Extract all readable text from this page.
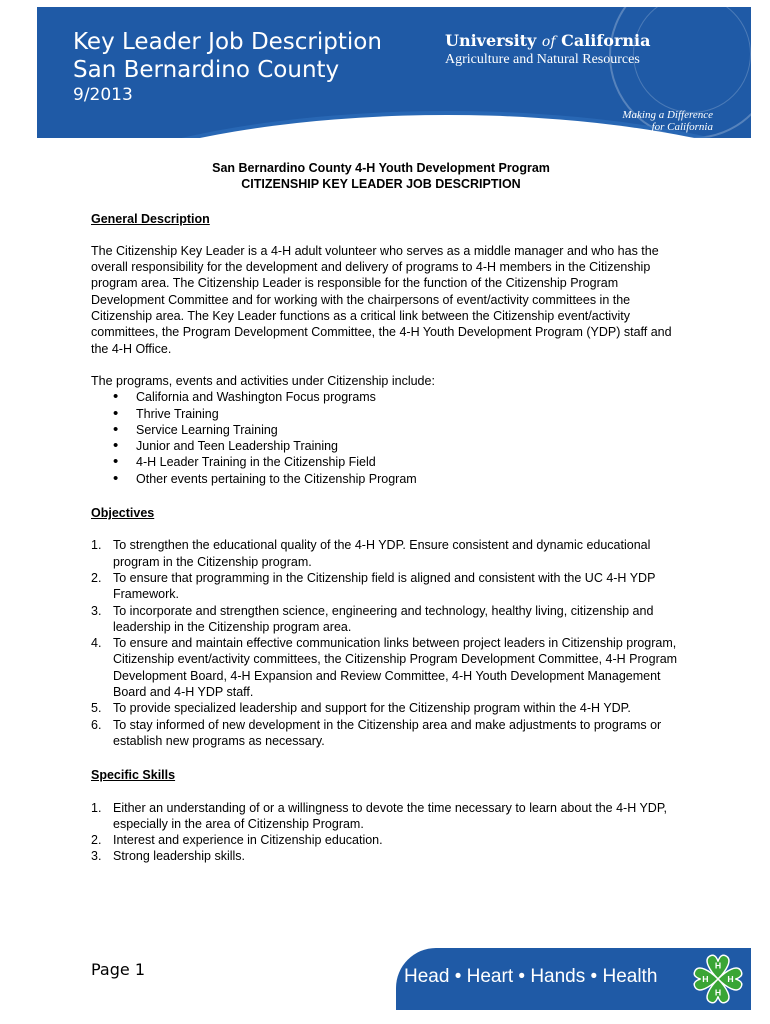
Key Leader Job Description
San Bernardino County
9/2013
University of California
Agriculture and Natural Resources
Making a Difference
for California
San Bernardino County 4-H Youth Development Program
CITIZENSHIP KEY LEADER JOB DESCRIPTION
General Description

The Citizenship Key Leader is a 4-H adult volunteer who serves as a middle manager and who has the overall responsibility for the development and delivery of programs to 4-H members in the Citizenship program area. The Citizenship Leader is responsible for the function of the Citizenship Program Development Committee and for working with the chairpersons of event/activity committees in the Citizenship area. The Key Leader functions as a critical link between the Citizenship event/activity committees, the Program Development Committee, the 4-H Youth Development Program (YDP) staff and the 4-H Office.

The programs, events and activities under Citizenship include:

• California and Washington Focus programs
• Thrive Training
• Service Learning Training
• Junior and Teen Leadership Training
• 4-H Leader Training in the Citizenship Field
• Other events pertaining to the Citizenship Program
Objectives
1. To strengthen the educational quality of the 4-H YDP. Ensure consistent and dynamic educational program in the Citizenship program.
2. To ensure that programming in the Citizenship field is aligned and consistent with the UC 4-H YDP Framework.
3. To incorporate and strengthen science, engineering and technology, healthy living, citizenship and leadership in the Citizenship program area.
4. To ensure and maintain effective communication links between project leaders in Citizenship program, Citizenship event/activity committees, the Citizenship Program Development Committee, 4-H Program Development Board, 4-H Expansion and Review Committee, 4-H Youth Development Management Board and 4-H YDP staff.
5. To provide specialized leadership and support for the Citizenship program within the 4-H YDP.
6. To stay informed of new development in the Citizenship area and make adjustments to programs or establish new programs as necessary.
Specific Skills
1. Either an understanding of or a willingness to devote the time necessary to learn about the 4-H YDP, especially in the area of Citizenship Program.
2. Interest and experience in Citizenship education.
3. Strong leadership skills.
Page 1	Head • Heart • Hands • Health
H
H
H
H
